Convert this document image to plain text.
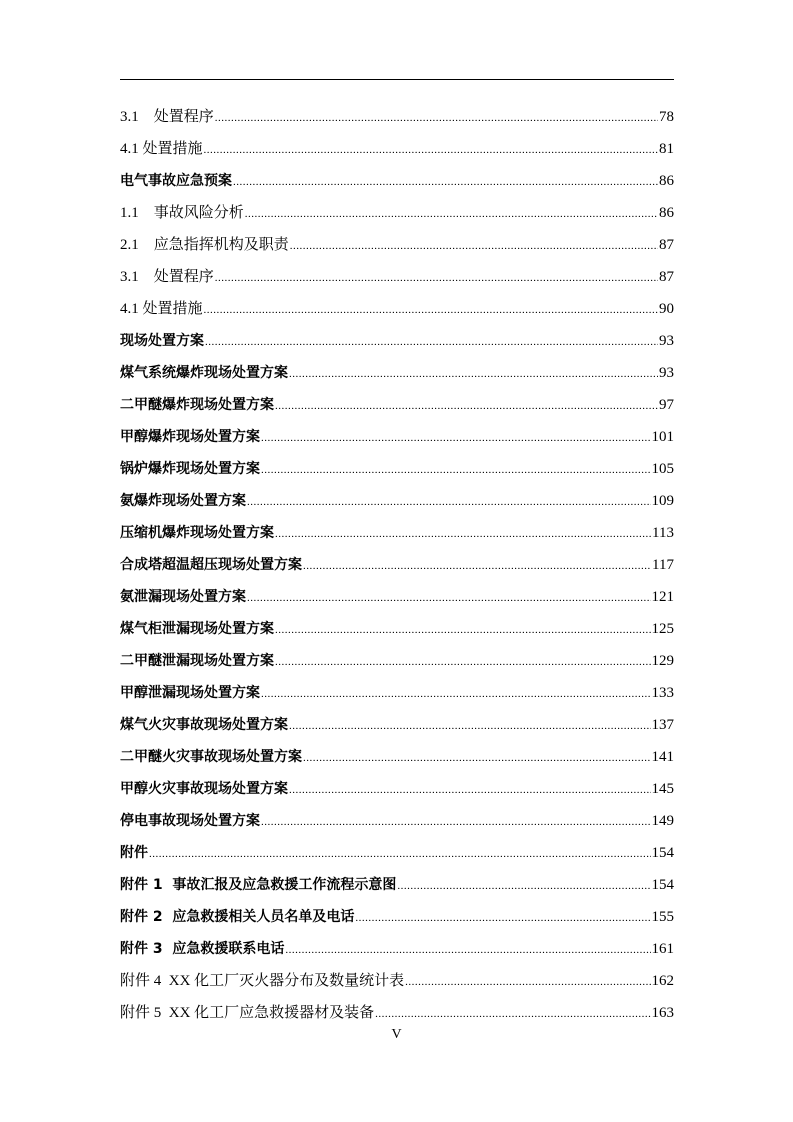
3.1　处置程序 .....	78
4.1 处置措施 .....	81
电气事故应急预案 .....	86
1.1　事故风险分析 .....	86
2.1　应急指挥机构及职责 .....	87
3.1　处置程序 .....	87
4.1 处置措施 .....	90
现场处置方案 .....	93
煤气系统爆炸现场处置方案 .....	93
二甲醚爆炸现场处置方案 .....	97
甲醇爆炸现场处置方案 .....	101
锅炉爆炸现场处置方案 .....	105
氨爆炸现场处置方案 .....	109
压缩机爆炸现场处置方案 .....	113
合成塔超温超压现场处置方案 .....	117
氨泄漏现场处置方案 .....	121
煤气柜泄漏现场处置方案 .....	125
二甲醚泄漏现场处置方案 .....	129
甲醇泄漏现场处置方案 .....	133
煤气火灾事故现场处置方案 .....	137
二甲醚火灾事故现场处置方案 .....	141
甲醇火灾事故现场处置方案 .....	145
停电事故现场处置方案 .....	149
附件 .....	154
附件 1  事故汇报及应急救援工作流程示意图 .....	154
附件 2  应急救援相关人员名单及电话 .....	155
附件 3  应急救援联系电话 .....	161
附件 4  XX 化工厂灭火器分布及数量统计表 .....	162
附件 5  XX 化工厂应急救援器材及装备 .....	163
V
